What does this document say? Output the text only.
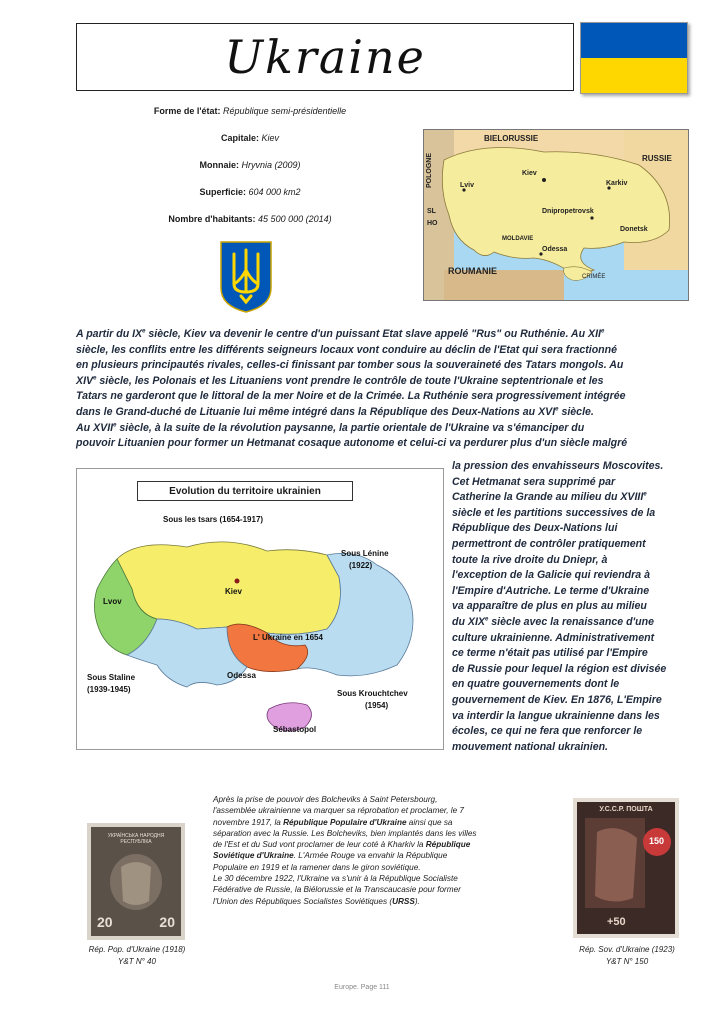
Ukraine
Forme de l'état: République semi-présidentielle
Capitale: Kiev
Monnaie: Hryvnia (2009)
Superficie: 604 000 km2
Nombre d'habitants: 45 500 000 (2014)
BIELORUSSIE
RUSSIE
POLOGNE	Lviv
Kiev
Karkiv
Dnipropetrovsk
Donetsk
Odessa
MOLDAVIE
ROUMANIE
CRIMÉE
SL
HO
A partir du IXe siècle, Kiev va devenir le centre d'un puissant Etat slave appelé "Rus" ou Ruthénie. Au XIIe
siècle, les conflits entre les différents seigneurs locaux vont conduire au déclin de l'Etat qui sera fractionné
en plusieurs principautés rivales, celles-ci finissant par tomber sous la souveraineté des Tatars mongols. Au
XIVe siècle, les Polonais et les Lituaniens vont prendre le contrôle de toute l'Ukraine septentrionale et les
Tatars ne garderont que le littoral de la mer Noire et de la Crimée. La Ruthénie sera progressivement intégrée
dans le Grand-duché de Lituanie lui même intégré dans la République des Deux-Nations au XVIe siècle.
Au XVIIe siècle, à la suite de la révolution paysanne, la partie orientale de l'Ukraine va s'émanciper du
pouvoir Lituanien pour former un Hetmanat cosaque autonome et celui-ci va perdurer plus d'un siècle malgré
la pression des envahisseurs Moscovites.
Cet Hetmanat sera supprimé par
Catherine la Grande au milieu du XVIIIe
siècle et les partitions successives de la
République des Deux-Nations lui
permettront de contrôler pratiquement
toute la rive droite du Dniepr, à
l'exception de la Galicie qui reviendra à
l'Empire d'Autriche. Le terme d'Ukraine
va apparaître de plus en plus au milieu
du XIXe siècle avec la renaissance d'une
culture ukrainienne. Administrativement
ce terme n'était pas utilisé par l'Empire
de Russie pour lequel la région est divisée
en quatre gouvernements dont le
gouvernement de Kiev. En 1876, L'Empire
va interdir la langue ukrainienne dans les
écoles, ce qui ne fera que renforcer le
mouvement national ukrainien.
Evolution du territoire ukrainien
Sous les tsars (1654-1917)
Sous Lénine
(1922)
Lvov
Kiev
L' Ukraine en 1654
Sous Staline
(1939-1945)
Odessa
Sous Krouchtchev
(1954)
Sébastopol
УКРАЇНСЬКА НАРОДНЯ РЕСПУБЛІКА
20	20
У.С.С.Р. ПОШТА
150
+50
Rép. Pop. d'Ukraine (1918)
Y&T N° 40
Rép. Sov. d'Ukraine (1923)
Y&T N° 150
Après la prise de pouvoir des Bolcheviks à Saint Petersbourg,
l'assemblée ukrainienne va marquer sa réprobation et proclamer, le 7
novembre 1917, la République Populaire d'Ukraine ainsi que sa
séparation avec la Russie. Les Bolcheviks, bien implantés dans les villes
de l'Est et du Sud vont proclamer de leur coté à Kharkiv la République
Soviétique d'Ukraine. L'Armée Rouge va envahir la République
Populaire en 1919 et la ramener dans le giron soviétique.
Le 30 décembre 1922, l'Ukraine va s'unir à la République Socialiste
Fédérative de Russie, la Biélorussie et la Transcaucasie pour former
l'Union des Républiques Socialistes Soviétiques (URSS).
Europe. Page 111
